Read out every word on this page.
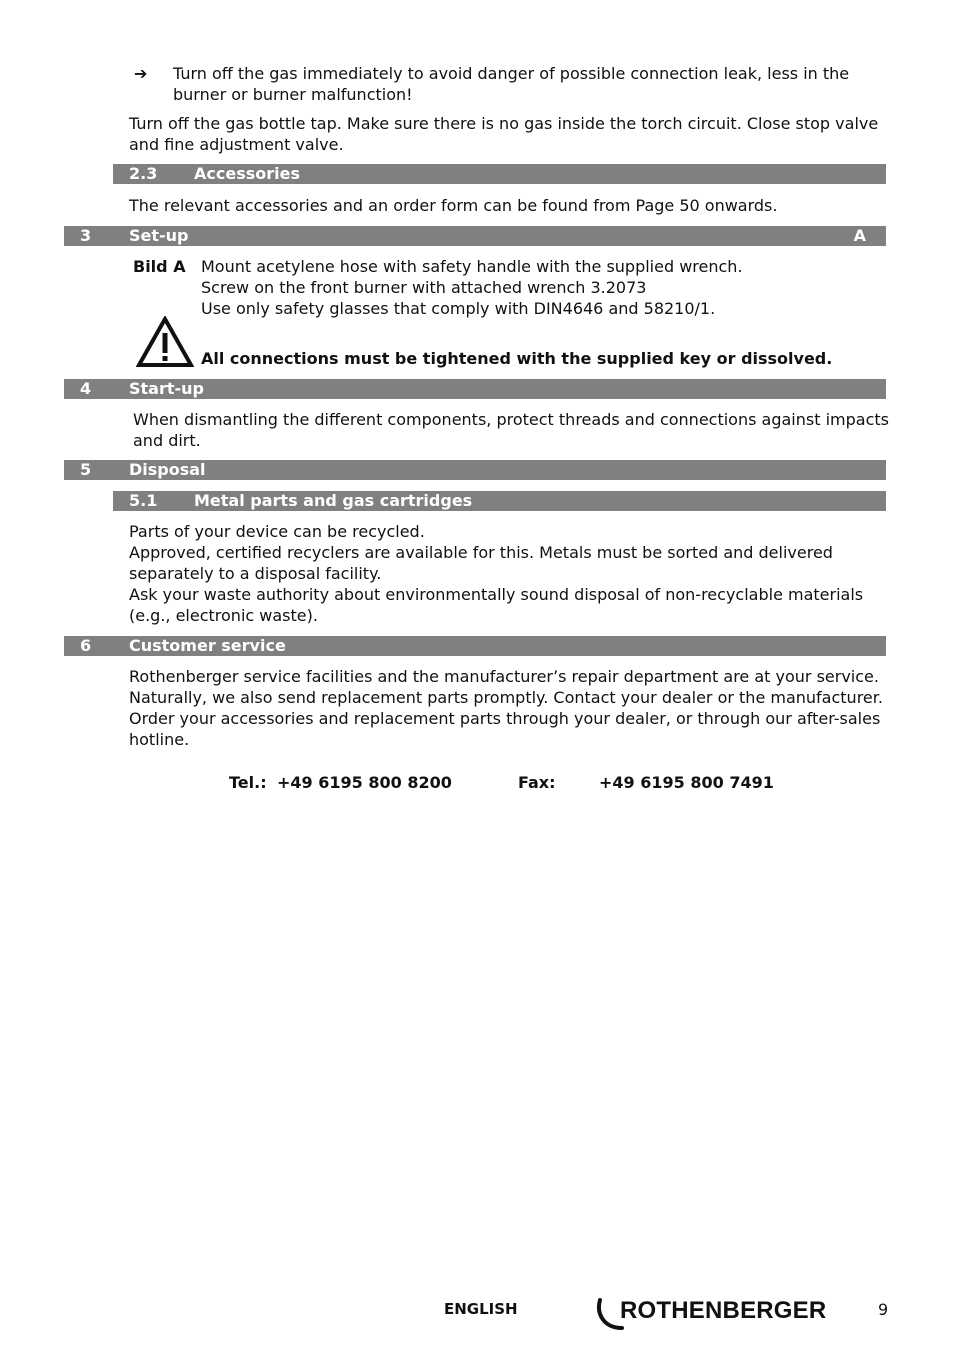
➔ Turn off the gas immediately to avoid danger of possible connection leak, less in the

burner or burner malfunction!

Turn off the gas bottle tap. Make sure there is no gas inside the torch circuit. Close stop valve

and fine adjustment valve.

2.3 Accessories
The relevant accessories and an order form can be found from Page 50 onwards.
3 Set-up	A
Bild A Mount acetylene hose with safety handle with the supplied wrench.

Screw on the front burner with attached wrench 3.2073

Use only safety glasses that comply with DIN4646 and 58210/1.

All connections must be tightened with the supplied key or dissolved.
4 Start-up

When dismantling the different components, protect threads and connections against impacts

and dirt.

5 Disposal
5.1 Metal parts and gas cartridges

Parts of your device can be recycled.

Approved, certified recyclers are available for this. Metals must be sorted and delivered

separately to a disposal facility.

Ask your waste authority about environmentally sound disposal of non-recyclable materials

(e.g., electronic waste).

6 Customer service

Rothenberger service facilities and the manufacturer’s repair department are at your service.

Naturally, we also send replacement parts promptly. Contact your dealer or the manufacturer.

Order your accessories and replacement parts through your dealer, or through our after-sales

hotline.

Tel.: +49 6195 800 8200	Fax:	+49 6195 800 7491
ENGLISH	ROTHENBERGER	9
